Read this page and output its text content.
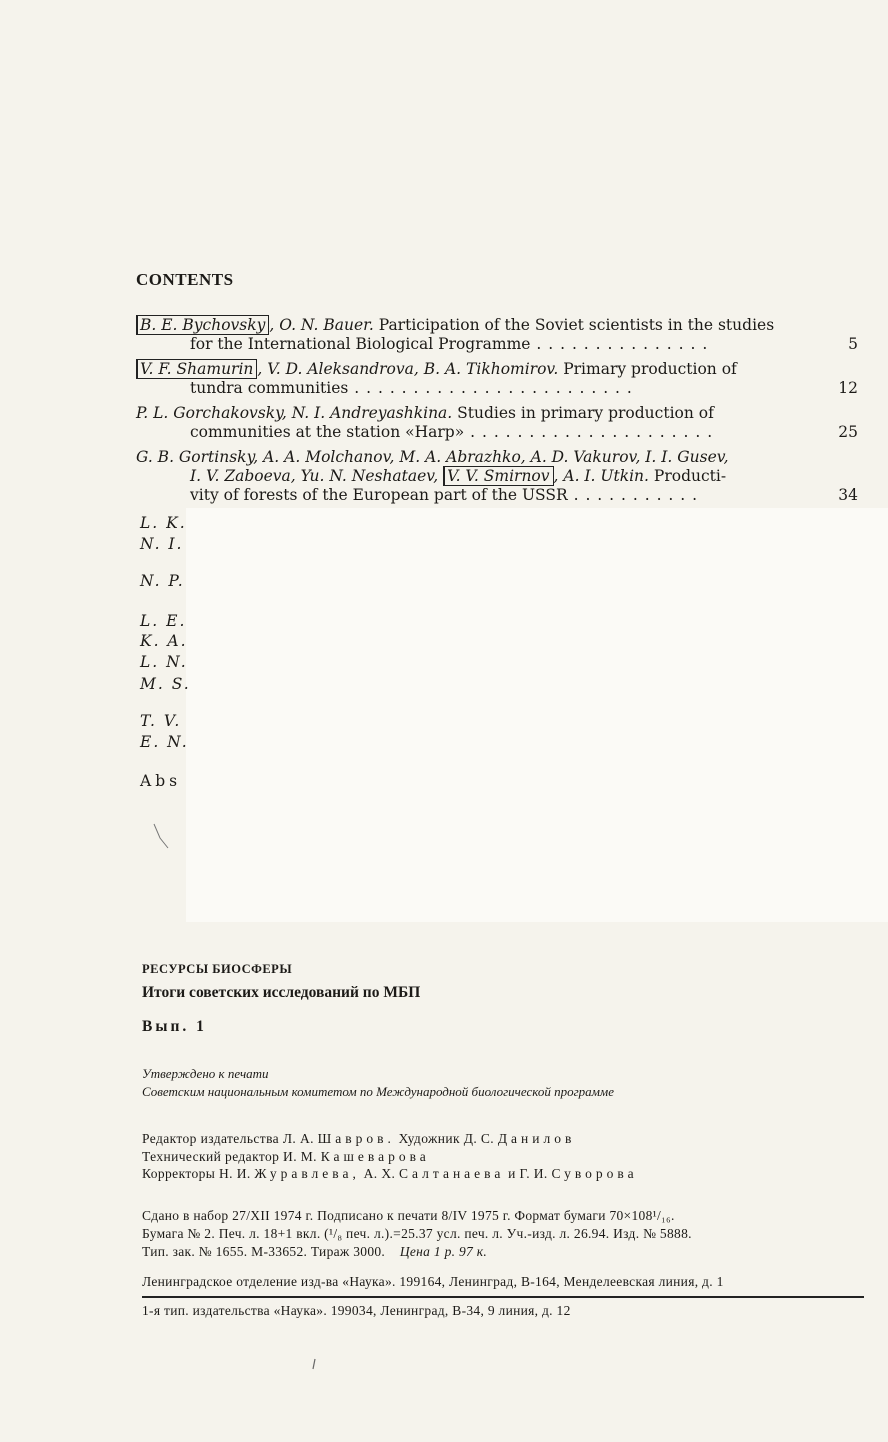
CONTENTS
B. E. Bychovsky , O. N. Bauer. Participation of the Soviet scientists in the studies
for the International Biological Programme . . . . . . . . . . . . . . .	5
V. F. Shamurin , V. D. Aleksandrova, B. A. Tikhomirov. Primary production of
tundra communities . . . . . . . . . . . . . . . . . . . . . . . .	12
P. L. Gorchakovsky, N. I. Andreyashkina. Studies in primary production of
communities at the station «Harp» . . . . . . . . . . . . . . . . . . . . .	25
G. B. Gortinsky, A. A. Molchanov, M. A. Abrazhko, A. D. Vakurov, I. I. Gusev,
I. V. Zaboeva, Yu. N. Neshataev, V. V. Smirnov , A. I. Utkin. Producti-
vity of forests of the European part of the USSR . . . . . . . . . . .	34
L. K.
N. I.
N. P.
L. E.
K. A.
L. N.
M. S.
T. V.
E. N.
Abs
РЕСУРСЫ БИОСФЕРЫ
Итоги советских исследований по МБП
Вып. 1
Утверждено к печати
Советским национальным комитетом по Международной биологической программе
Редактор издательства Л. А. Шавров. Художник Д. С. Данилов
Технический редактор И. М. Кашеварова
Корректоры Н. И. Журавлева, А. Х. Салтанаева и Г. И. Суворова
Сдано в набор 27/XII 1974 г. Подписано к печати 8/IV 1975 г. Формат бумаги 70×108¹/₁₆.
Бумага № 2. Печ. л. 18+1 вкл. (¹/₈ печ. л.).=25.37 усл. печ. л. Уч.-изд. л. 26.94. Изд. № 5888.
Тип. зак. № 1655. М-33652. Тираж 3000. Цена 1 р. 97 к.
Ленинградское отделение изд-ва «Наука». 199164, Ленинград, В-164, Менделеевская линия, д. 1
1-я тип. издательства «Наука». 199034, Ленинград, В-34, 9 линия, д. 12
